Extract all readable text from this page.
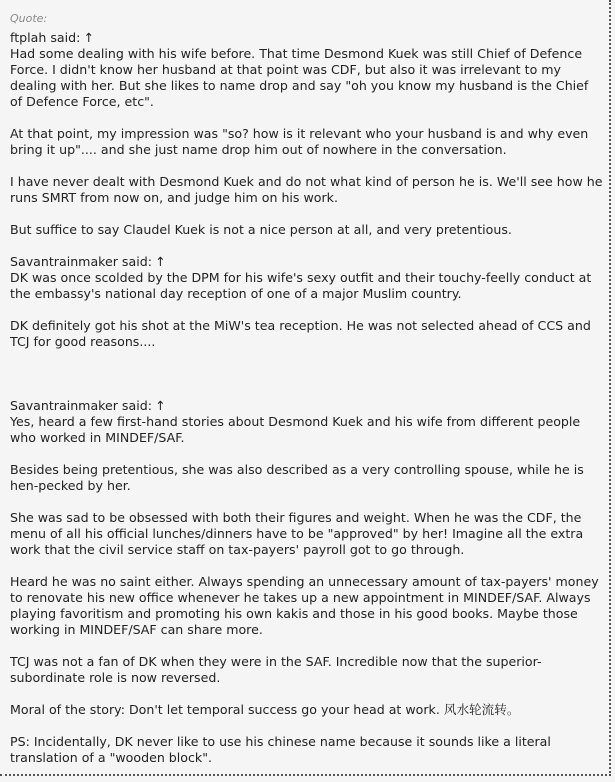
Quote:
ftplah said: ↑

Had some dealing with his wife before. That time Desmond Kuek was still Chief of Defence Force. I didn't know her husband at that point was CDF, but also it was irrelevant to my dealing with her. But she likes to name drop and say "oh you know my husband is the Chief of Defence Force, etc".

At that point, my impression was "so? how is it relevant who your husband is and why even bring it up".... and she just name drop him out of nowhere in the conversation.

I have never dealt with Desmond Kuek and do not what kind of person he is. We'll see how he runs SMRT from now on, and judge him on his work.

But suffice to say Claudel Kuek is not a nice person at all, and very pretentious.

Savantrainmaker said: ↑

DK was once scolded by the DPM for his wife's sexy outfit and their touchy-feelly conduct at the embassy's national day reception of one of a major Muslim country.

DK definitely got his shot at the MiW's tea reception. He was not selected ahead of CCS and TCJ for good reasons....

Savantrainmaker said: ↑

Yes, heard a few first-hand stories about Desmond Kuek and his wife from different people who worked in MINDEF/SAF.

Besides being pretentious, she was also described as a very controlling spouse, while he is hen-pecked by her.

She was sad to be obsessed with both their figures and weight. When he was the CDF, the menu of all his official lunches/dinners have to be "approved" by her! Imagine all the extra work that the civil service staff on tax-payers' payroll got to go through.

Heard he was no saint either. Always spending an unnecessary amount of tax-payers' money to renovate his new office whenever he takes up a new appointment in MINDEF/SAF. Always playing favoritism and promoting his own kakis and those in his good books. Maybe those working in MINDEF/SAF can share more.

TCJ was not a fan of DK when they were in the SAF. Incredible now that the superior-subordinate role is now reversed.

Moral of the story: Don't let temporal success go your head at work. 风水轮流转。

PS: Incidentally, DK never like to use his chinese name because it sounds like a literal translation of a "wooden block".
